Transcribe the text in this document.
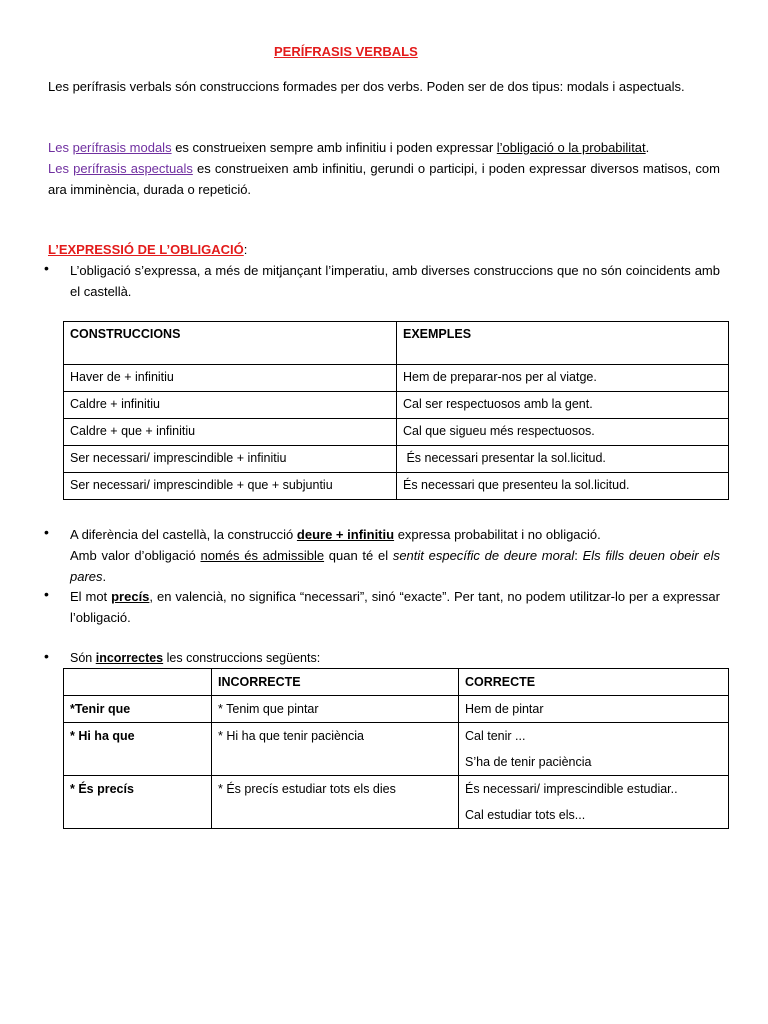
PERÍFRASIS VERBALS
Les perífrasis verbals són construccions formades per dos verbs. Poden ser de dos tipus: modals i aspectuals.
Les perífrasis modals es construeixen sempre amb infinitiu i poden expressar l’obligació o la probabilitat.
Les perífrasis aspectuals es construeixen amb infinitiu, gerundi o participi, i poden expressar diversos matisos, com ara imminència, durada o repetició.
L’EXPRESSIÓ DE L’OBLIGACIÓ:
• L’obligació s’expressa, a més de mitjançant l’imperatiu, amb diverses construccions que no són coincidents amb el castellà.
CONSTRUCCIONS	EXEMPLES
Haver de + infinitiu	Hem de preparar-nos per al viatge.
Caldre + infinitiu	Cal ser respectuosos amb la gent.
Caldre + que + infinitiu	Cal que sigueu més respectuosos.
Ser necessari/ imprescindible + infinitiu	És necessari presentar la sol.licitud.
Ser necessari/ imprescindible + que + subjuntiu	És necessari que presenteu la sol.licitud.
• A diferència del castellà, la construcció deure + infinitiu expressa probabilitat i no obligació.
Amb valor d’obligació només és admissible quan té el sentit específic de deure moral: Els fills deuen obeir els pares.
• El mot precís, en valencià, no significa “necessari”, sinó “exacte”. Per tant, no podem utilitzar-lo per a expressar l’obligació.
• Són incorrectes les construccions següents:
	INCORRECTE	CORRECTE
*Tenir que	* Tenim que pintar	Hem de pintar

* Hi ha que	* Hi ha que tenir paciència	Cal tenir ...
S’ha de tenir paciència

* És precís	* És precís estudiar tots els dies	És necessari/ imprescindible estudiar..
Cal estudiar tots els...
